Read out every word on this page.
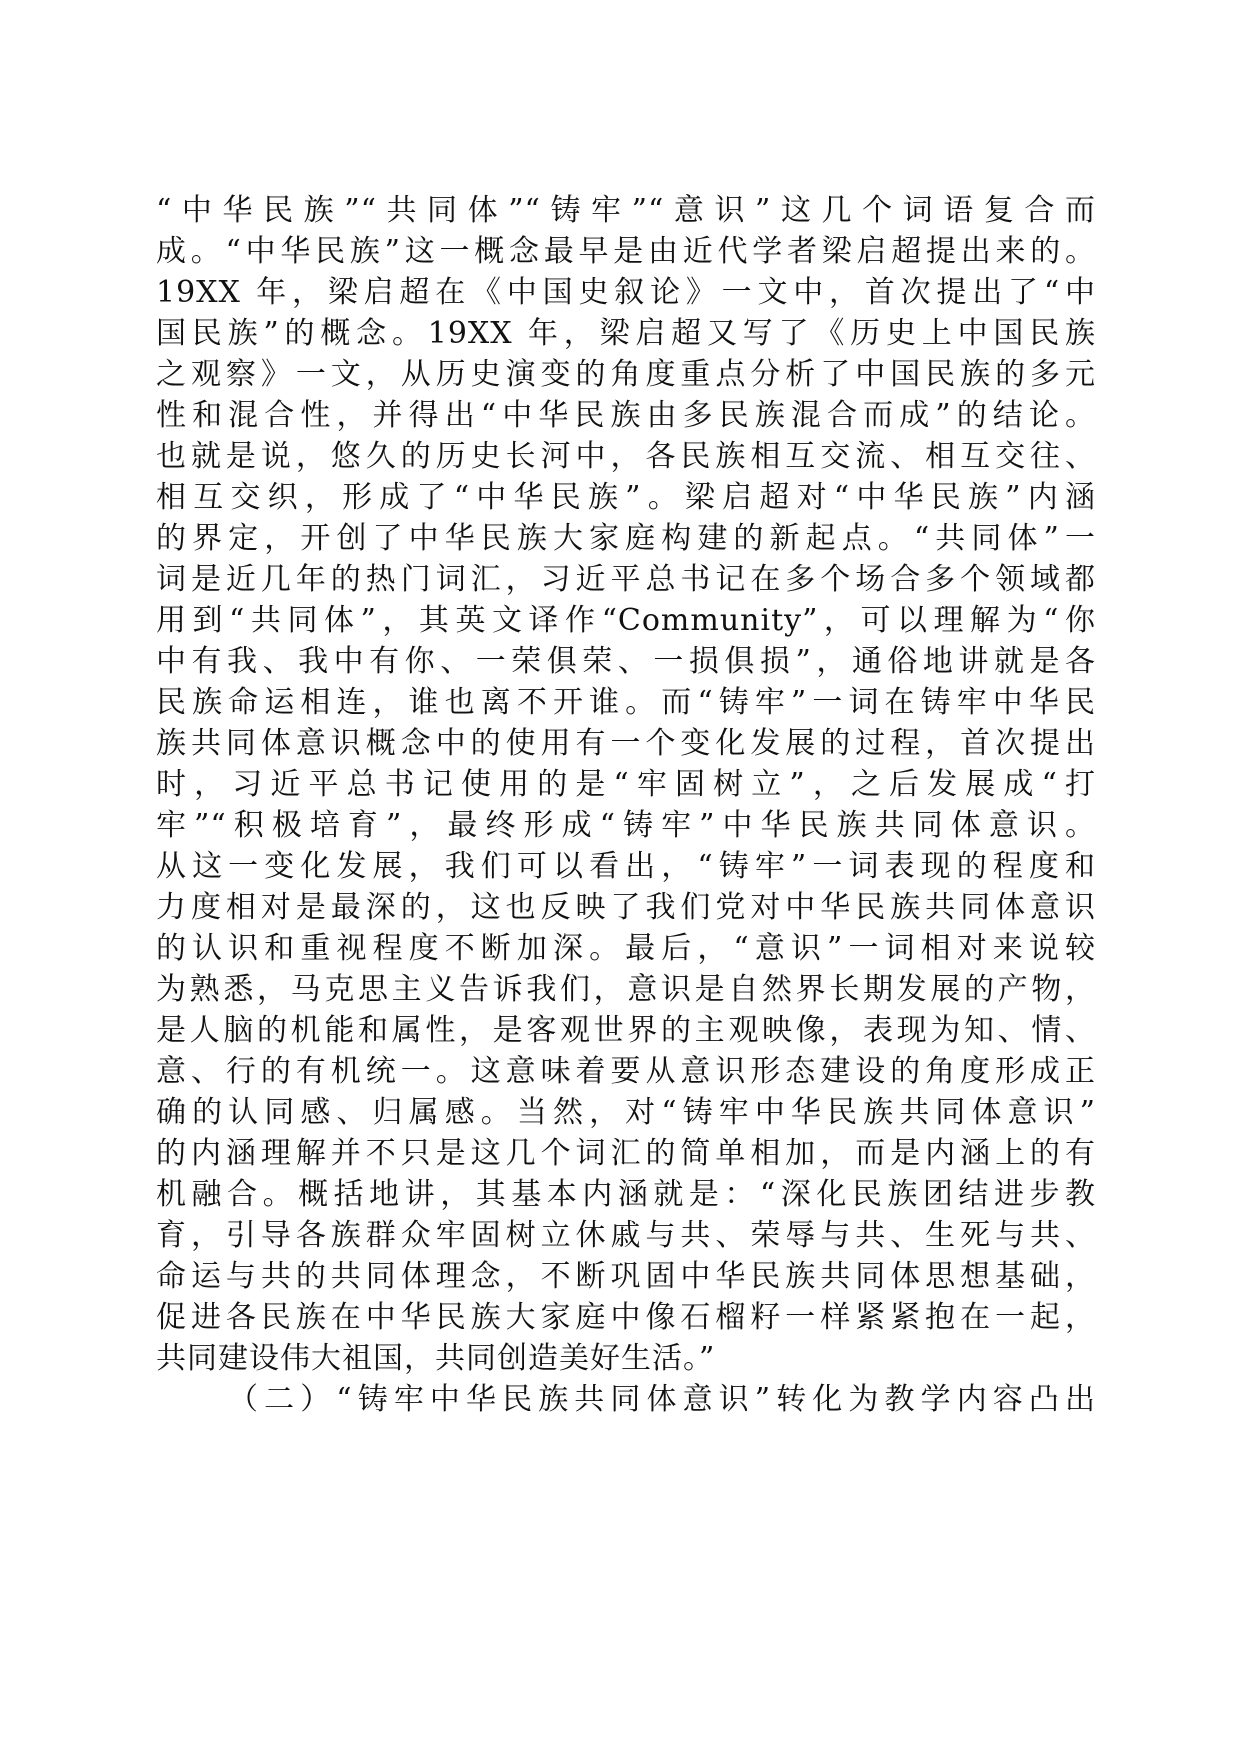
“中华民族”“共同体”“铸牢”“意识”这几个词语复合而
成。“中华民族”这一概念最早是由近代学者梁启超提出来的。
19XX 年，梁启超在《中国史叙论》一文中，首次提出了“中
国民族”的概念。19XX 年，梁启超又写了《历史上中国民族
之观察》一文，从历史演变的角度重点分析了中国民族的多元
性和混合性，并得出“中华民族由多民族混合而成”的结论。
也就是说，悠久的历史长河中，各民族相互交流、相互交往、
相互交织，形成了“中华民族”。梁启超对“中华民族”内涵
的界定，开创了中华民族大家庭构建的新起点。“共同体”一
词是近几年的热门词汇，习近平总书记在多个场合多个领域都
用到“共同体”，其英文译作“Community”，可以理解为“你
中有我、我中有你、一荣俱荣、一损俱损”，通俗地讲就是各
民族命运相连，谁也离不开谁。而“铸牢”一词在铸牢中华民
族共同体意识概念中的使用有一个变化发展的过程，首次提出
时，习近平总书记使用的是“牢固树立”，之后发展成“打
牢”“积极培育”，最终形成“铸牢”中华民族共同体意识。
从这一变化发展，我们可以看出，“铸牢”一词表现的程度和
力度相对是最深的，这也反映了我们党对中华民族共同体意识
的认识和重视程度不断加深。最后，“意识”一词相对来说较
为熟悉，马克思主义告诉我们，意识是自然界长期发展的产物，
是人脑的机能和属性，是客观世界的主观映像，表现为知、情、
意、行的有机统一。这意味着要从意识形态建设的角度形成正
确的认同感、归属感。当然，对“铸牢中华民族共同体意识”
的内涵理解并不只是这几个词汇的简单相加，而是内涵上的有
机融合。概括地讲，其基本内涵就是：“深化民族团结进步教
育，引导各族群众牢固树立休戚与共、荣辱与共、生死与共、
命运与共的共同体理念，不断巩固中华民族共同体思想基础，
促进各民族在中华民族大家庭中像石榴籽一样紧紧抱在一起，
共同建设伟大祖国，共同创造美好生活。”
（二）“铸牢中华民族共同体意识”转化为教学内容凸出
